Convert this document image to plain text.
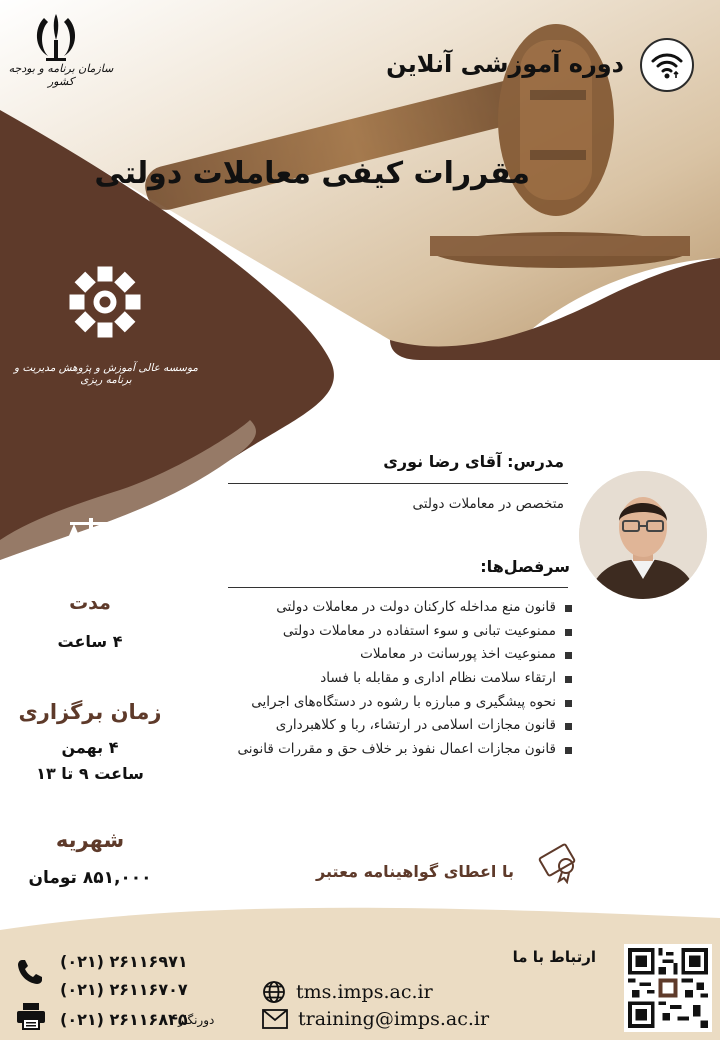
سازمان برنامه و بودجه کشور
دوره آموزشی آنلاین
مقررات کیفی معاملات دولتی
موسسه عالی آموزش و پژوهش مدیریت و برنامه ریزی
مدرس: آقای رضا نوری
متخصص در معاملات دولتی
سرفصل‌ها:
قانون منع مداخله کارکنان دولت در معاملات دولتی
ممنوعیت تبانی و سوء استفاده در معاملات دولتی
ممنوعیت اخذ پورسانت در معاملات
ارتقاء سلامت نظام اداری و مقابله با فساد
نحوه پیشگیری و مبارزه با رشوه در دستگاه‌های اجرایی
قانون مجازات اسلامی در ارتشاء، ربا و کلاهبرداری
قانون مجازات اعمال نفوذ بر خلاف حق و مقررات قانونی
با اعطای گواهینامه معتبر
مدت
۴ ساعت
زمان برگزاری
۴ بهمن
ساعت ۹ تا ۱۳
شهریه
۸۵۱,۰۰۰ تومان
ارتباط با ما
tms.imps.ac.ir
training@imps.ac.ir
(۰۲۱) ۲۶۱۱۶۹۷۱
(۰۲۱) ۲۶۱۱۶۷۰۷
(۰۲۱) ۲۶۱۱۶۸۴۵
دورنگار
